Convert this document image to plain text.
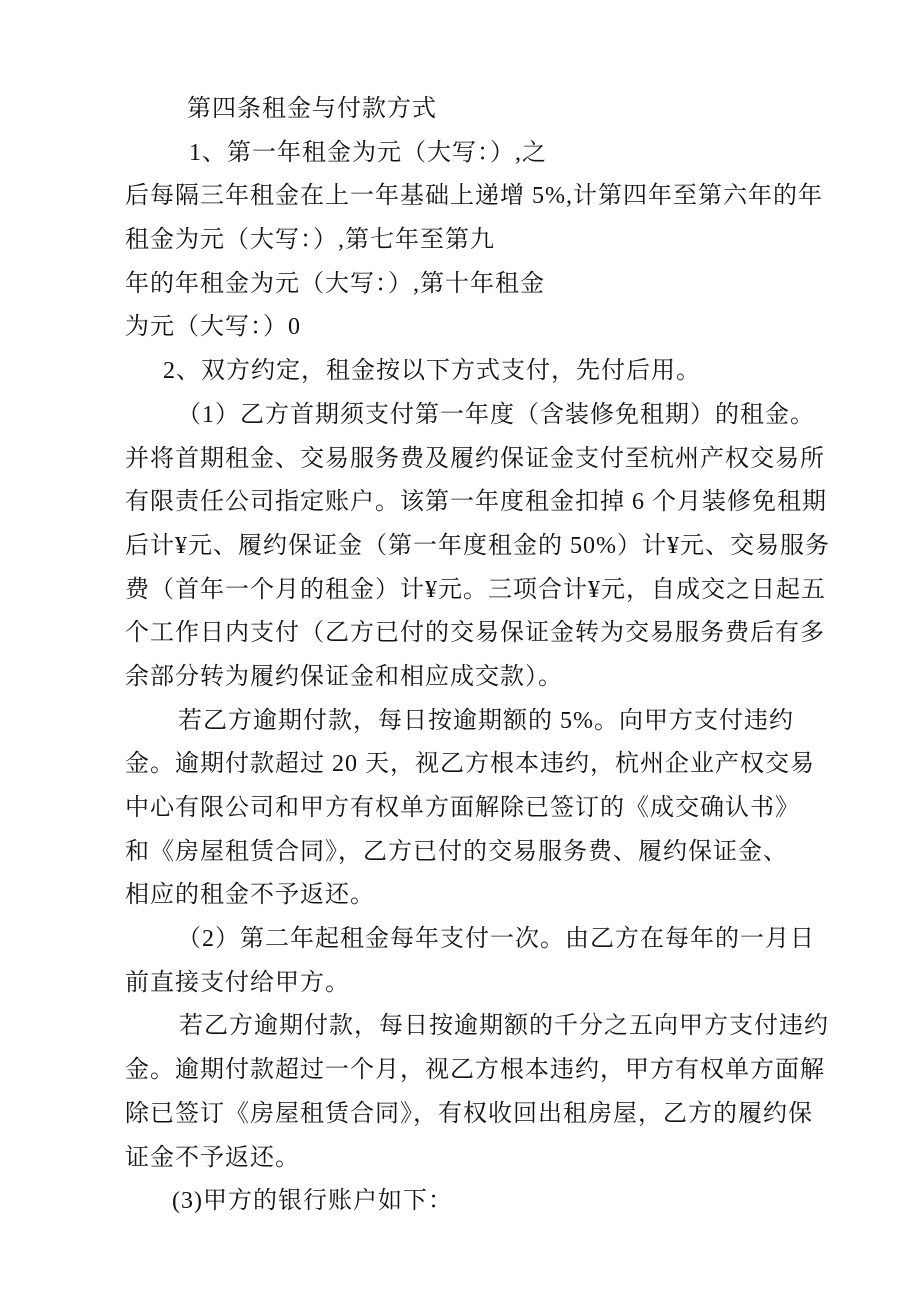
第四条租金与付款方式
1、第一年租金为元（大写：）,之
后每隔三年租金在上一年基础上递增 5%,计第四年至第六年的年
租金为元（大写：）,第七年至第九
年的年租金为元（大写：）,第十年租金
为元（大写：）0
2、双方约定，租金按以下方式支付，先付后用。
（1）乙方首期须支付第一年度（含装修免租期）的租金。
并将首期租金、交易服务费及履约保证金支付至杭州产权交易所
有限责任公司指定账户。该第一年度租金扣掉 6 个月装修免租期
后计¥元、履约保证金（第一年度租金的 50%）计¥元、交易服务
费（首年一个月的租金）计¥元。三项合计¥元，自成交之日起五
个工作日内支付（乙方已付的交易保证金转为交易服务费后有多
余部分转为履约保证金和相应成交款）。
若乙方逾期付款，每日按逾期额的 5%。向甲方支付违约
金。逾期付款超过 20 天，视乙方根本违约，杭州企业产权交易
中心有限公司和甲方有权单方面解除已签订的《成交确认书》
和《房屋租赁合同》，乙方已付的交易服务费、履约保证金、
相应的租金不予返还。
（2）第二年起租金每年支付一次。由乙方在每年的一月日
前直接支付给甲方。
若乙方逾期付款，每日按逾期额的千分之五向甲方支付违约
金。逾期付款超过一个月，视乙方根本违约，甲方有权单方面解
除已签订《房屋租赁合同》，有权收回出租房屋，乙方的履约保
证金不予返还。
(3)甲方的银行账户如下：
